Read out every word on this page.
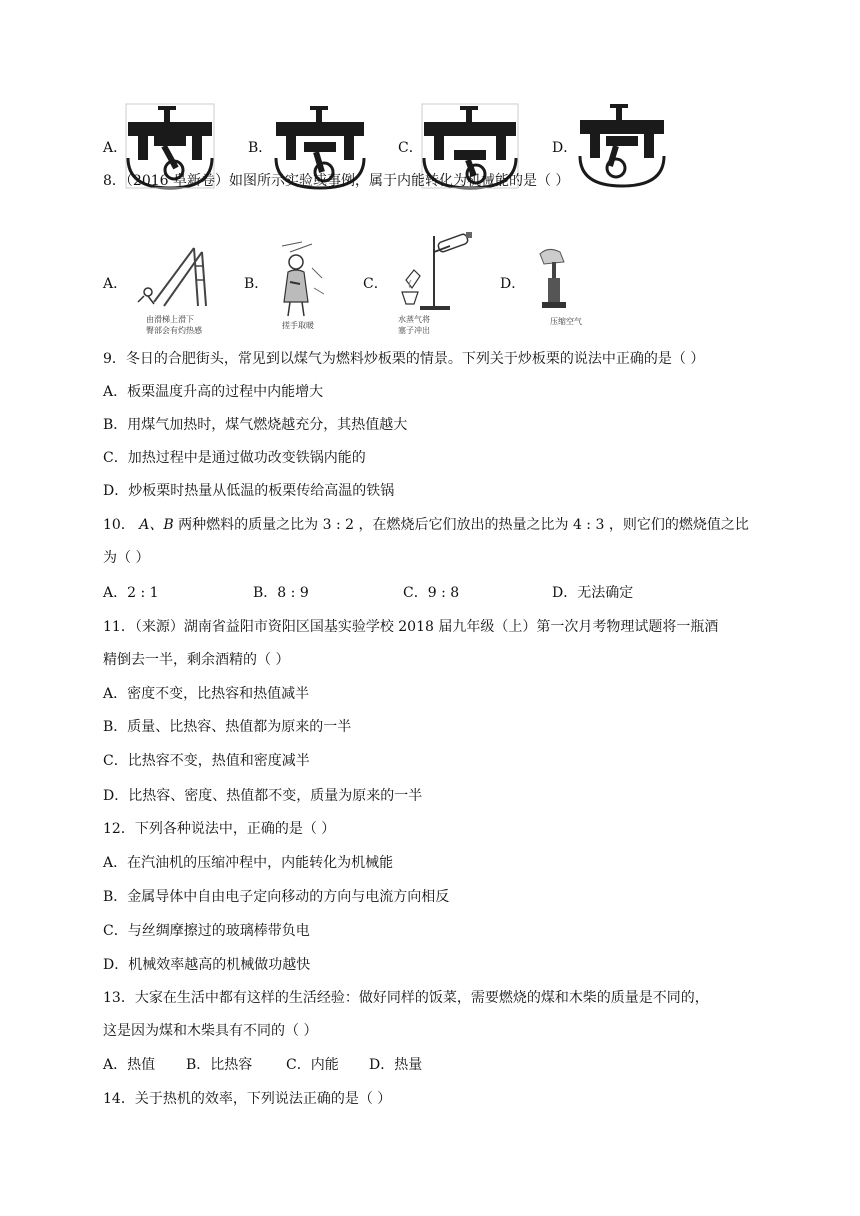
A．	B．	C．	D．
8．（2016 阜新卷）如图所示实验或事例，属于内能转化为机械能的是（ ）
A．
由滑梯上滑下
臀部会有灼热感
B．
搓手取暖
C．
水蒸气将
塞子冲出
D．
压缩空气
9．冬日的合肥街头，常见到以煤气为燃料炒板栗的情景。下列关于炒板栗的说法中正确的是（ ）
A．板栗温度升高的过程中内能增大
B．用煤气加热时，煤气燃烧越充分，其热值越大
C．加热过程中是通过做功改变铁锅内能的
D．炒板栗时热量从低温的板栗传给高温的铁锅
10． A、B 两种燃料的质量之比为 3 : 2 ，在燃烧后它们放出的热量之比为 4 : 3 ，则它们的燃烧值之比
为（ ）
A．2 : 1	B．8 : 9	C．9 : 8	D．无法确定
11．（来源）湖南省益阳市资阳区国基实验学校 2018 届九年级（上）第一次月考物理试题将一瓶酒
精倒去一半，剩余酒精的（ ）
A．密度不变，比热容和热值减半
B．质量、比热容、热值都为原来的一半
C．比热容不变，热值和密度减半
D．比热容、密度、热值都不变，质量为原来的一半
12．下列各种说法中，正确的是（ ）
A．在汽油机的压缩冲程中，内能转化为机械能
B．金属导体中自由电子定向移动的方向与电流方向相反
C．与丝绸摩擦过的玻璃棒带负电
D．机械效率越高的机械做功越快
13．大家在生活中都有这样的生活经验：做好同样的饭菜，需要燃烧的煤和木柴的质量是不同的，
这是因为煤和木柴具有不同的（ ）
A．热值 B．比热容 C．内能 D．热量
14．关于热机的效率，下列说法正确的是（ ）
